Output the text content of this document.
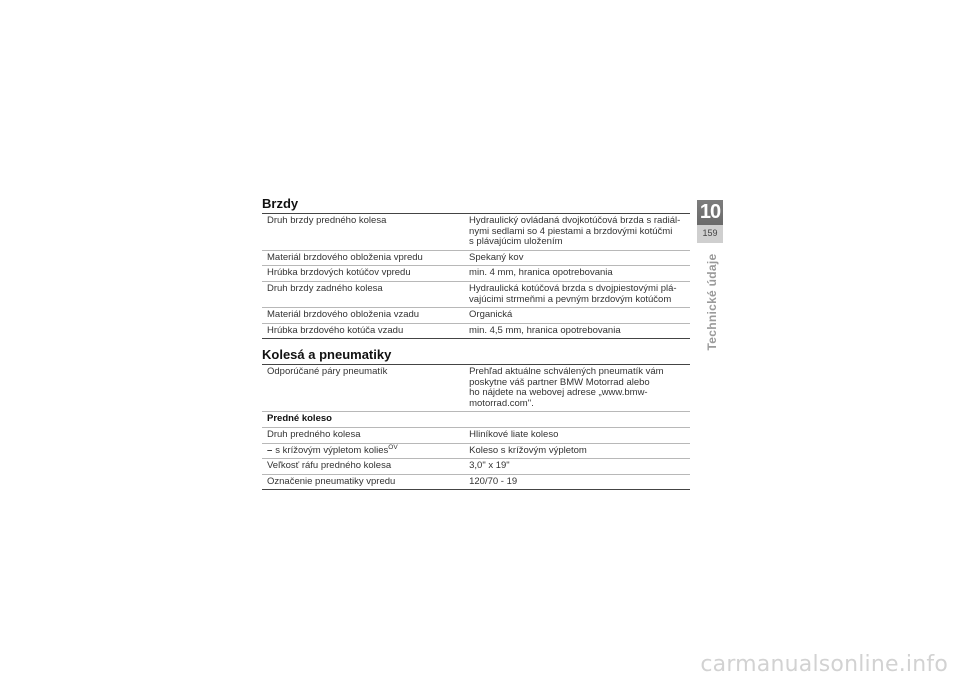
Brzdy
Druh brzdy predného kolesa	Hydraulický ovládaná dvojkotúčová brzda s radiál-
nymi sedlami so 4 piestami a brzdovými kotúčmi
s plávajúcim uložením

Materiál brzdového obloženia vpredu	Spekaný kov
Hrúbka brzdových kotúčov vpredu	min. 4 mm, hranica opotrebovania
Druh brzdy zadného kolesa	Hydraulická kotúčová brzda s dvojpiestovými plá-
vajúcimi strmeňmi a pevným brzdovým kotúčom

Materiál brzdového obloženia vzadu	Organická
Hrúbka brzdového kotúča vzadu	min. 4,5 mm, hranica opotrebovania
Kolesá a pneumatiky
Odporúčané páry pneumatík	Prehľad aktuálne schválených pneumatík vám
poskytne váš partner BMW Motorrad alebo
ho nájdete na webovej adrese „www.bmw-
motorrad.com".

Predné koleso	
Druh predného kolesa	Hliníkové liate koleso
– s krížovým výpletom kolies$^{OV}$	Koleso s krížovým výpletom
Veľkosť ráfu predného kolesa	3,0" x 19"
Označenie pneumatiky vpredu	120/70 - 19
10
159
Technické údaje
carmanualsonline.info
